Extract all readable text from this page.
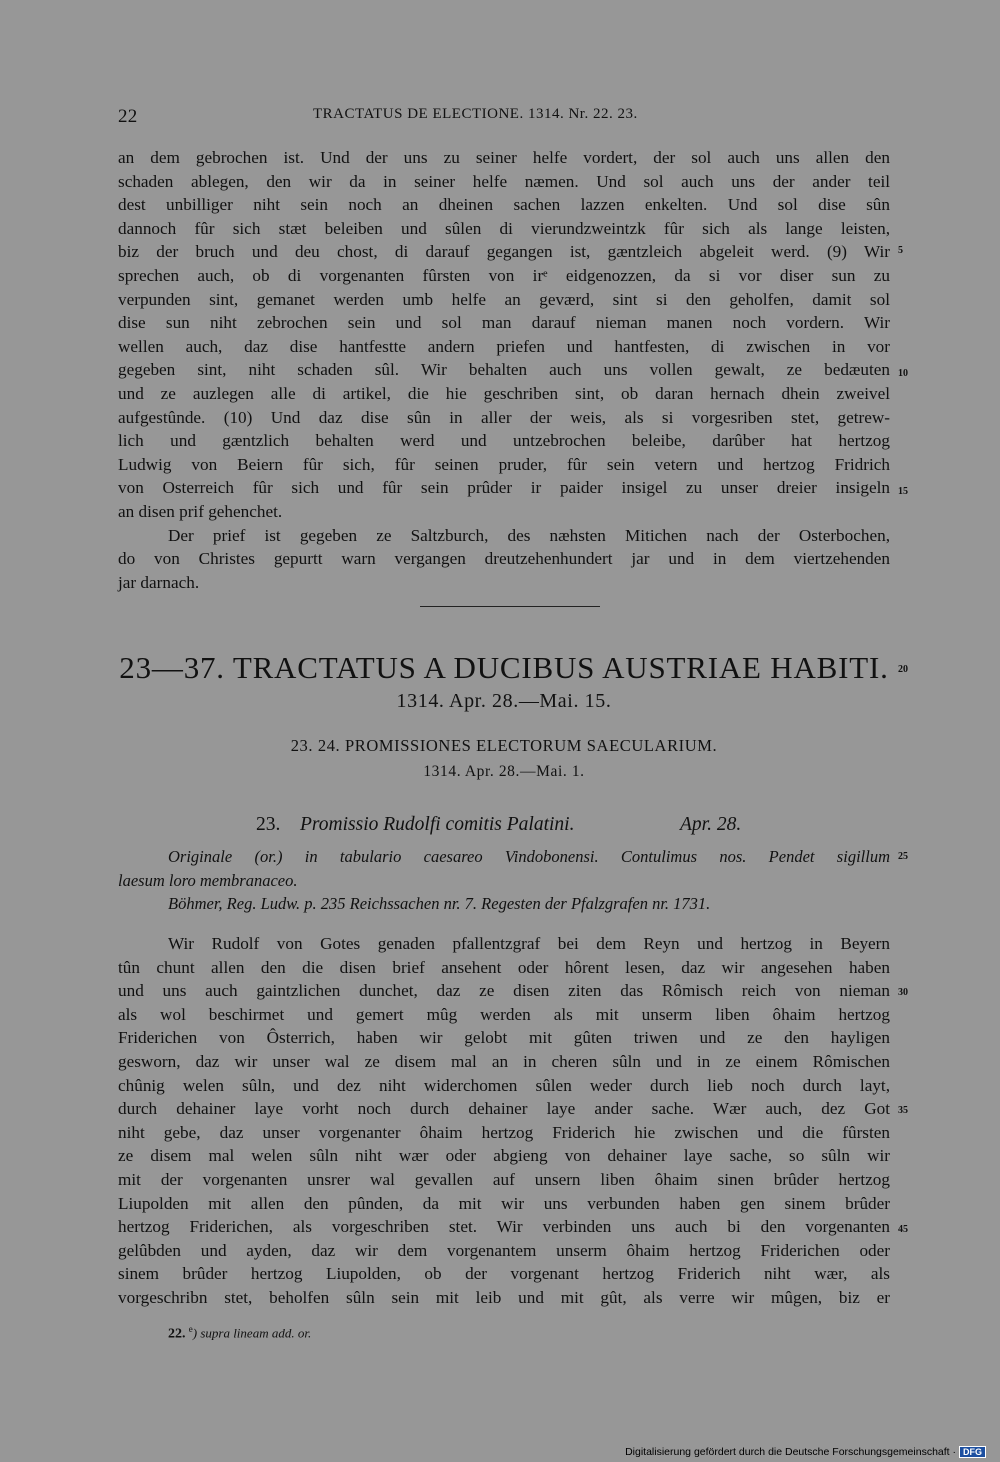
22	TRACTATUS DE ELECTIONE. 1314. Nr. 22. 23.
an dem gebrochen ist. Und der uns zu seiner helfe vordert, der sol auch uns allen den
schaden ablegen, den wir da in seiner helfe næmen. Und sol auch uns der ander teil
dest unbilliger niht sein noch an dheinen sachen lazzen enkelten. Und sol dise sûn
dannoch fûr sich stæt beleiben und sûlen di vierundzweintzk fûr sich als lange leisten,
biz der bruch und deu chost, di darauf gegangen ist, gæntzleich abgeleit werd. (9) Wir
sprechen auch, ob di vorgenanten fûrsten von irᵉ eidgenozzen, da si vor diser sun zu
verpunden sint, gemanet werden umb helfe an geværd, sint si den geholfen, damit sol
dise sun niht zebrochen sein und sol man darauf nieman manen noch vordern. Wir
wellen auch, daz dise hantfestte andern priefen und hantfesten, di zwischen in vor
gegeben sint, niht schaden sûl. Wir behalten auch uns vollen gewalt, ze bedæuten
und ze auzlegen alle di artikel, die hie geschriben sint, ob daran hernach dhein zweivel
aufgestûnde. (10) Und daz dise sûn in aller der weis, als si vorgesriben stet, getrew-
lich und gæntzlich behalten werd und untzebrochen beleibe, darûber hat hertzog
Ludwig von Beiern fûr sich, fûr seinen pruder, fûr sein vetern und hertzog Fridrich
von Osterreich fûr sich und fûr sein prûder ir paider insigel zu unser dreier insigeln
an disen prif gehenchet.
Der prief ist gegeben ze Saltzburch, des næhsten Mitichen nach der Osterbochen,
do von Christes gepurtt warn vergangen dreutzehenhundert jar und in dem viertzehenden
jar darnach.
23—37. TRACTATUS A DUCIBUS AUSTRIAE HABITI.
1314. Apr. 28.—Mai. 15.
23. 24. PROMISSIONES ELECTORUM SAECULARIUM.
1314. Apr. 28.—Mai. 1.
23. Promissio Rudolfi comitis Palatini.	Apr. 28.
Originale (or.) in tabulario caesareo Vindobonensi. Contulimus nos. Pendet sigillum
laesum loro membranaceo.
Böhmer, Reg. Ludw. p. 235 Reichssachen nr. 7. Regesten der Pfalzgrafen nr. 1731.
Wir Rudolf von Gotes genaden pfallentzgraf bei dem Reyn und hertzog in Beyern
tûn chunt allen den die disen brief ansehent oder hôrent lesen, daz wir angesehen haben
und uns auch gaintzlichen dunchet, daz ze disen ziten das Rômisch reich von nieman
als wol beschirmet und gemert mûg werden als mit unserm liben ôhaim hertzog
Friderichen von Ôsterrich, haben wir gelobt mit gûten triwen und ze den hayligen
gesworn, daz wir unser wal ze disem mal an in cheren sûln und in ze einem Rômischen
chûnig welen sûln, und dez niht widerchomen sûlen weder durch lieb noch durch layt,
durch dehainer laye vorht noch durch dehainer laye ander sache. Wær auch, dez Got
niht gebe, daz unser vorgenanter ôhaim hertzog Friderich hie zwischen und die fûrsten
ze disem mal welen sûln niht wær oder abgieng von dehainer laye sache, so sûln wir
mit der vorgenanten unsrer wal gevallen auf unsern liben ôhaim sinen brûder hertzog
Liupolden mit allen den pûnden, da mit wir uns verbunden haben gen sinem brûder
hertzog Friderichen, als vorgeschriben stet. Wir verbinden uns auch bi den vorgenanten
gelûbden und ayden, daz wir dem vorgenantem unserm ôhaim hertzog Friderichen oder
sinem brûder hertzog Liupolden, ob der vorgenant hertzog Friderich niht wær, als
vorgeschribn stet, beholfen sûln sein mit leib und mit gût, als verre wir mûgen, biz er
5
10
15
20
25
30
35
45
22. $^e$) supra lineam add. or.
Digitalisierung gefördert durch die Deutsche Forschungsgemeinschaft · DFG
